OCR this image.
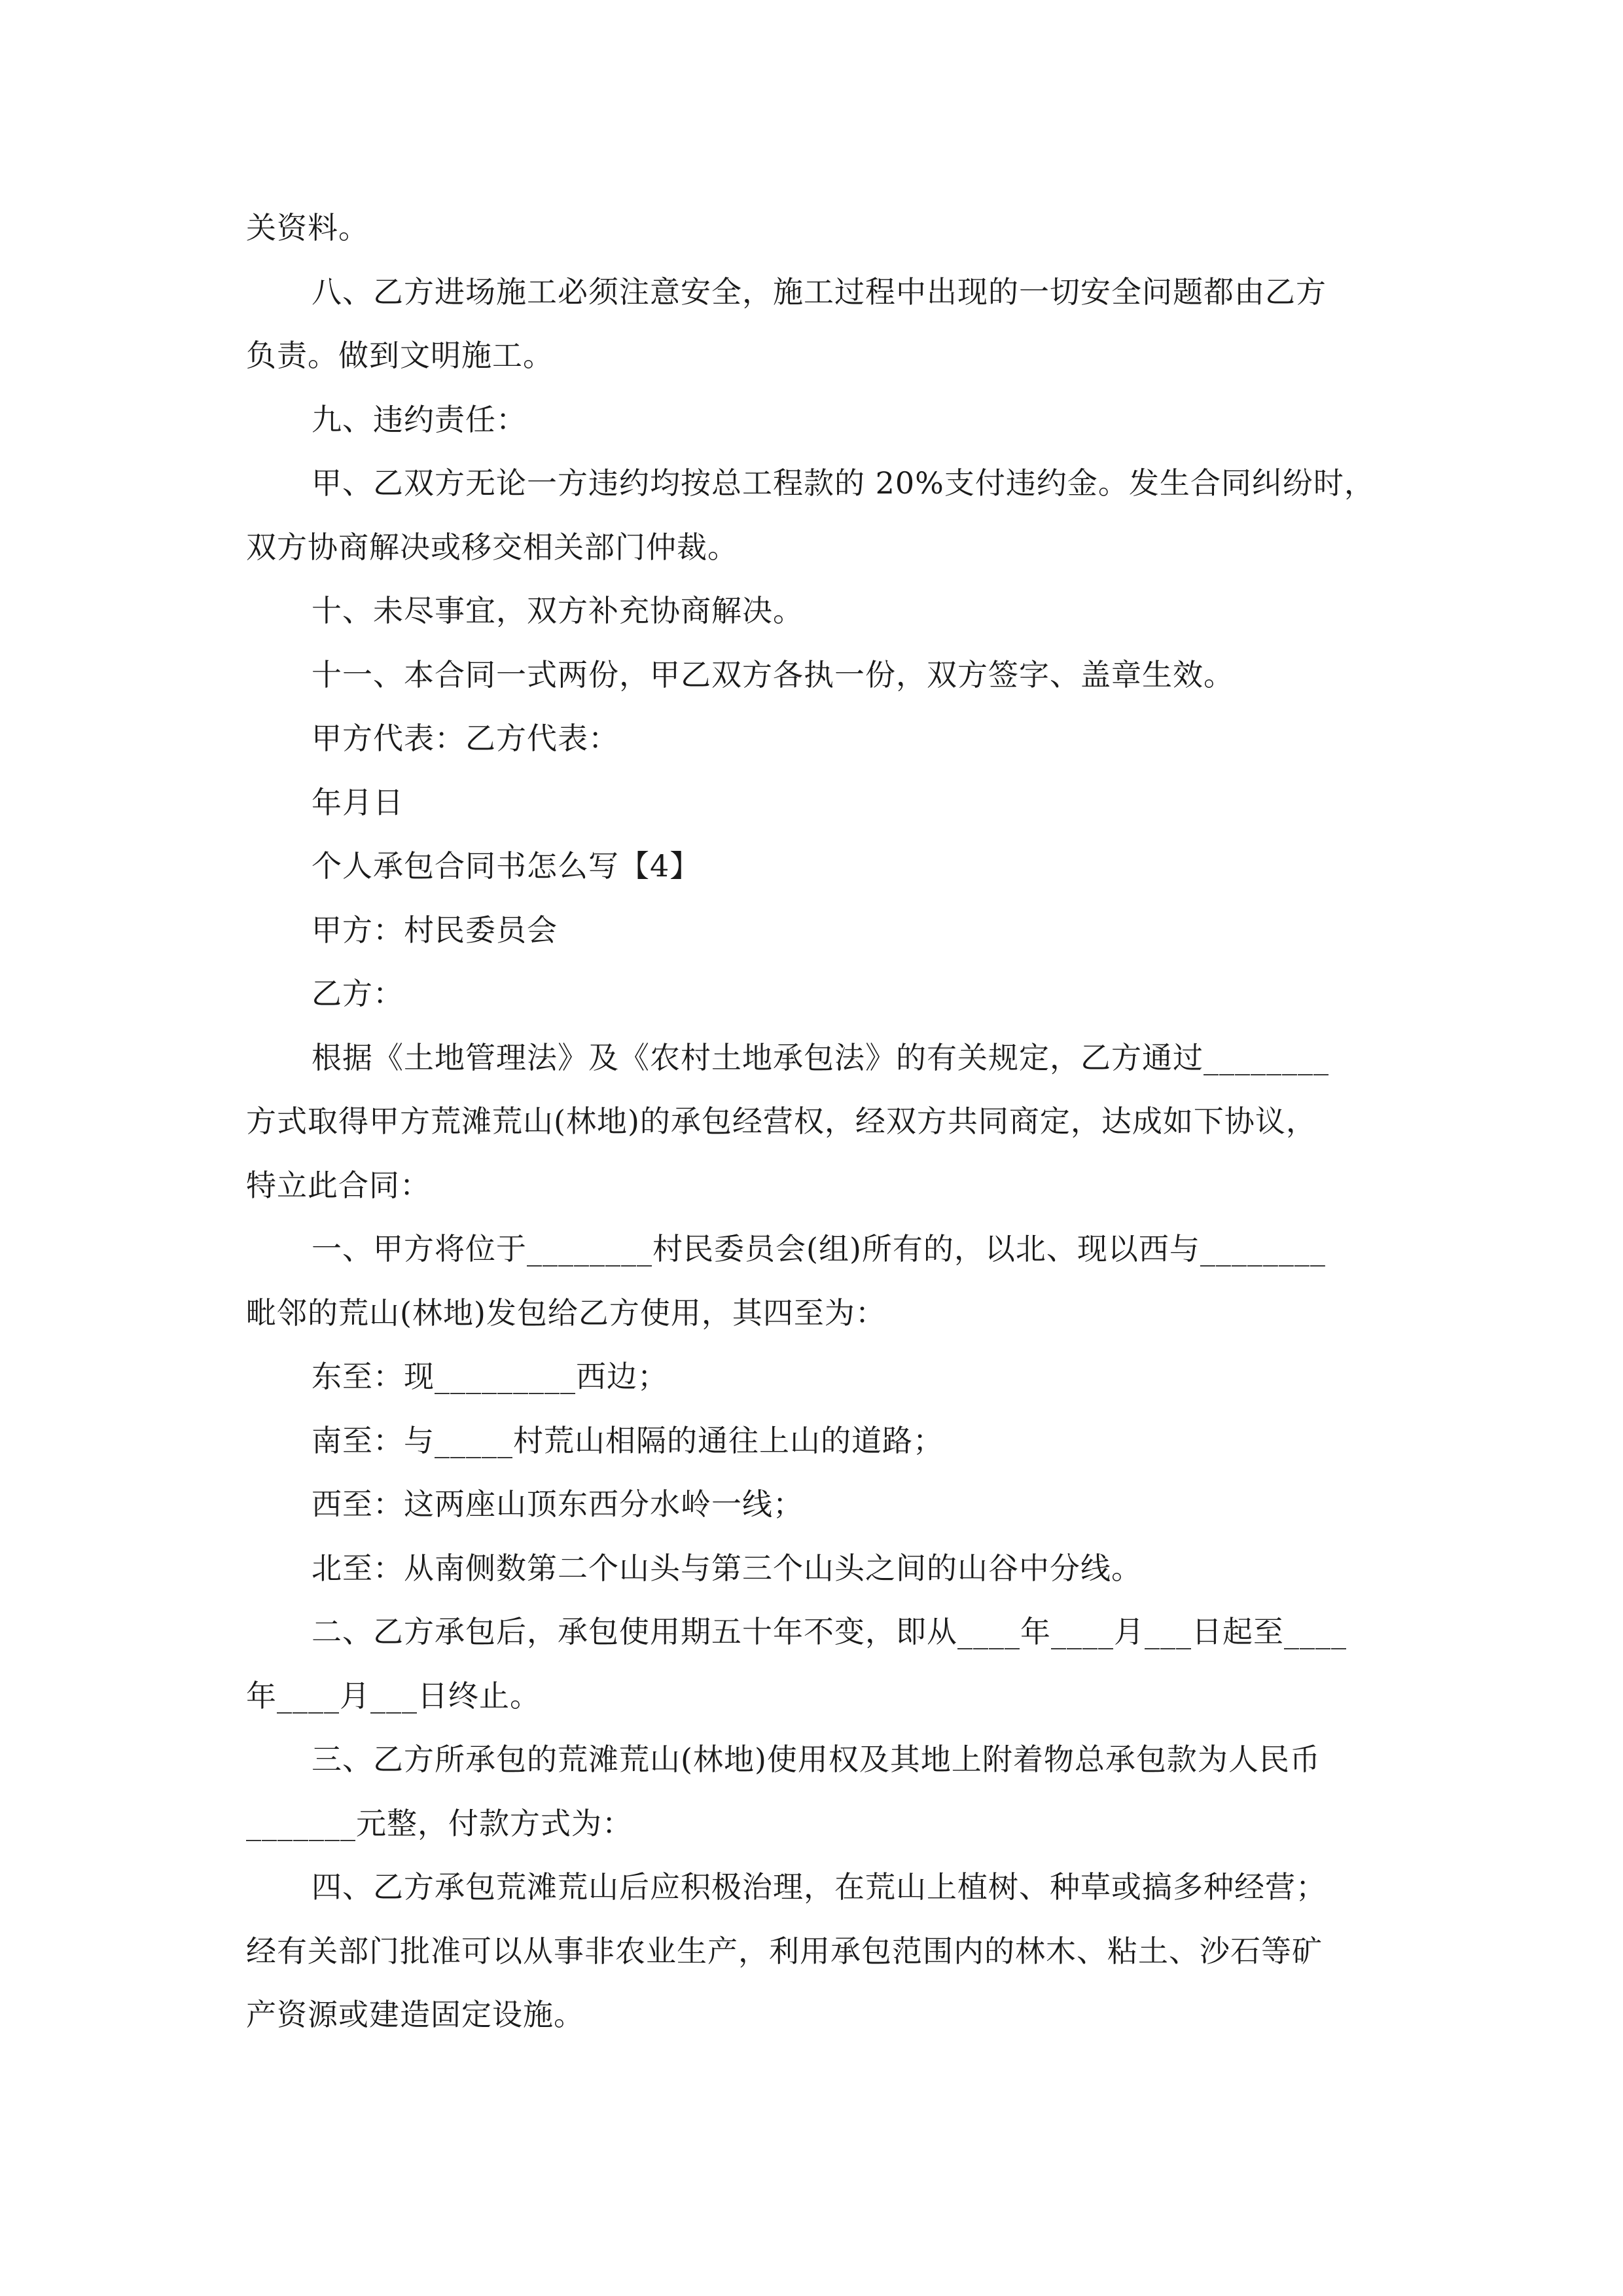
关资料。
八、乙方进场施工必须注意安全，施工过程中出现的一切安全问题都由乙方
负责。做到文明施工。
九、违约责任：
甲、乙双方无论一方违约均按总工程款的 20%支付违约金。发生合同纠纷时，
双方协商解决或移交相关部门仲裁。
十、未尽事宜，双方补充协商解决。
十一、本合同一式两份，甲乙双方各执一份，双方签字、盖章生效。
甲方代表：乙方代表：
年月日
个人承包合同书怎么写【4】
甲方：村民委员会
乙方：
根据《土地管理法》及《农村土地承包法》的有关规定，乙方通过________
方式取得甲方荒滩荒山(林地)的承包经营权，经双方共同商定，达成如下协议，
特立此合同：
一、甲方将位于________村民委员会(组)所有的，以北、现以西与________
毗邻的荒山(林地)发包给乙方使用，其四至为：
东至：现_________西边；
南至：与_____村荒山相隔的通往上山的道路；
西至：这两座山顶东西分水岭一线；
北至：从南侧数第二个山头与第三个山头之间的山谷中分线。
二、乙方承包后，承包使用期五十年不变，即从____年____月___日起至____
年____月___日终止。
三、乙方所承包的荒滩荒山(林地)使用权及其地上附着物总承包款为人民币
_______元整，付款方式为：
四、乙方承包荒滩荒山后应积极治理，在荒山上植树、种草或搞多种经营；
经有关部门批准可以从事非农业生产，利用承包范围内的林木、粘土、沙石等矿
产资源或建造固定设施。
